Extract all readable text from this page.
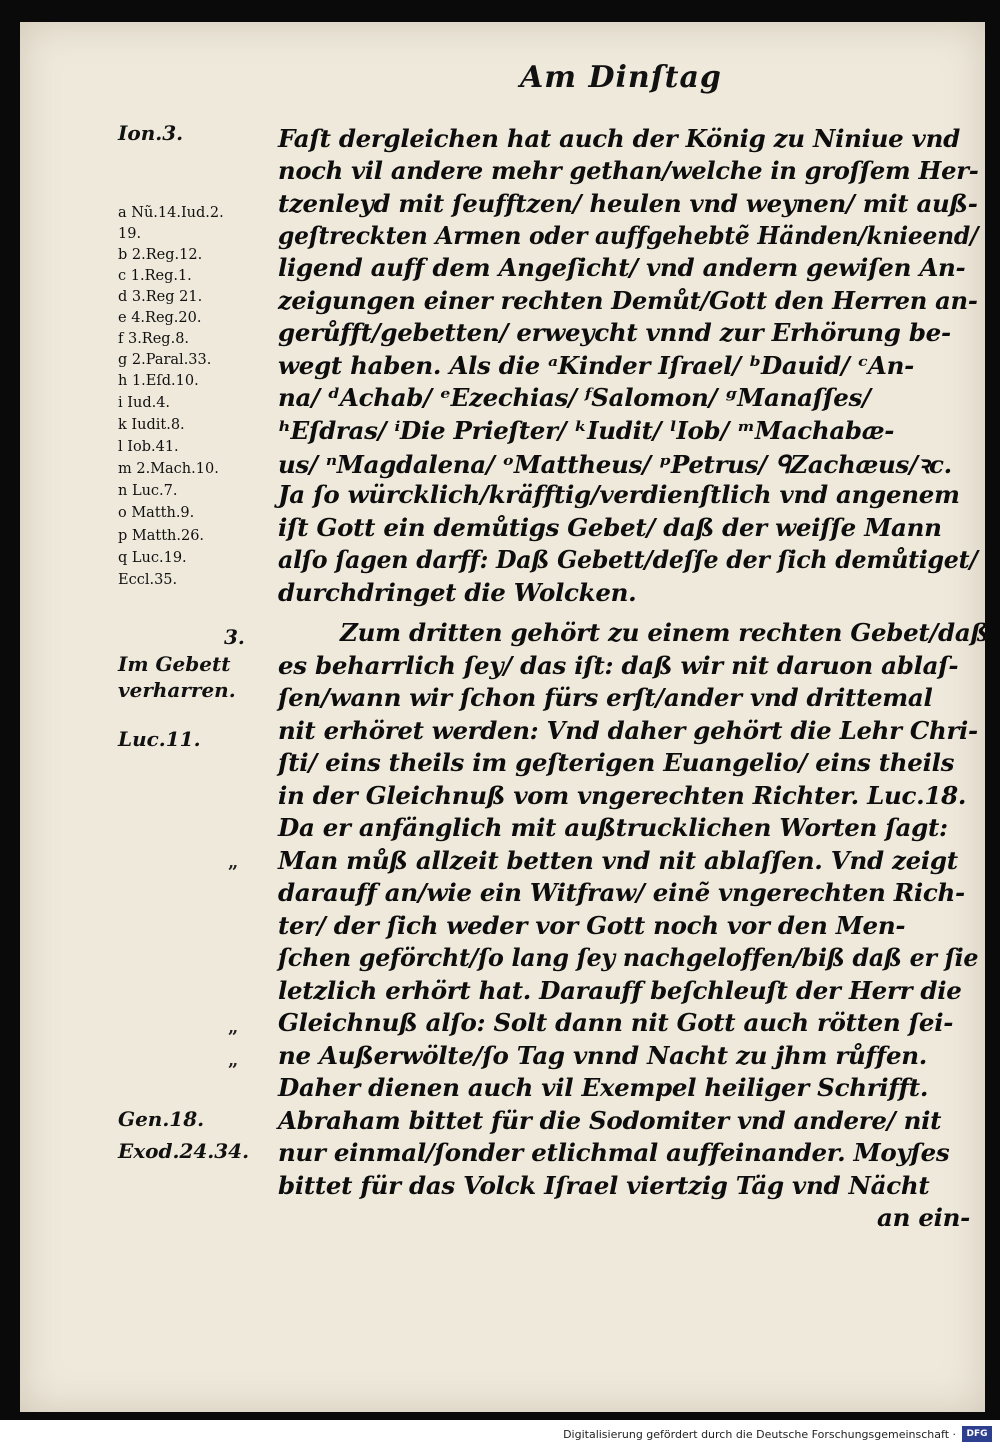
Am Dinſtag
Ion.3.
a Nũ.14.Iud.2.
19.
b 2.Reg.12.
c 1.Reg.1.
d 3.Reg 21.
e 4.Reg.20.
f 3.Reg.8.
g 2.Paral.33.
h 1.Eſd.10.
i Iud.4.
k Iudit.8.
l Iob.41.
m 2.Mach.10.
n Luc.7.
o Matth.9.
p Matth.26.
q Luc.19.
Eccl.35.
3.
Im Gebett
verharren.
Luc.11.
Gen.18.
Exod.24.34.
„
„
„
Faſt dergleichen hat auch der König zu Niniue vnd
noch vil andere mehr gethan/welche in groſſem Her-
tzenleyd mit ſeufftzen/ heulen vnd weynen/ mit auß-
geſtreckten Armen oder auffgehebtẽ Händen/knieend/
ligend auff dem Angeſicht/ vnd andern gewiſen An-
zeigungen einer rechten Demůt/Gott den Herren an-
gerůfft/gebetten/ erweycht vnnd zur Erhörung be-
wegt haben. Als die ᵃKinder Iſrael/ ᵇDauid/ ᶜAn-
na/ ᵈAchab/ ᵉEzechias/ ᶠSalomon/ ᵍManaſſes/
ʰEſdras/ ⁱDie Prieſter/ ᵏIudit/ ˡIob/ ᵐMachabæ-
us/ ⁿMagdalena/ ᵒMattheus/ ᵖPetrus/ ᑫZachæus/ꝛc.
Ja ſo würcklich/kräfftig/verdienſtlich vnd angenem
iſt Gott ein demůtigs Gebet/ daß der weiſſe Mann
alſo ſagen darff: Daß Gebett/deſſe der ſich demůtiget/
durchdringet die Wolcken.
Zum dritten gehört zu einem rechten Gebet/daß
es beharrlich ſey/ das iſt: daß wir nit daruon ablaſ-
ſen/wann wir ſchon fürs erſt/ander vnd drittemal
nit erhöret werden: Vnd daher gehört die Lehr Chri-
ſti/ eins theils im geſterigen Euangelio/ eins theils
in der Gleichnuß vom vngerechten Richter. Luc.18.
Da er anfänglich mit außtrucklichen Worten ſagt:
Man můß allzeit betten vnd nit ablaſſen. Vnd zeigt
darauff an/wie ein Witfraw/ einẽ vngerechten Rich-
ter/ der ſich weder vor Gott noch vor den Men-
ſchen geförcht/ſo lang ſey nachgeloffen/biß daß er ſie
letzlich erhört hat. Darauff beſchleuſt der Herr die
Gleichnuß alſo: Solt dann nit Gott auch rötten ſei-
ne Außerwölte/ſo Tag vnnd Nacht zu jhm růffen.
Daher dienen auch vil Exempel heiliger Schrifft.
Abraham bittet für die Sodomiter vnd andere/ nit
nur einmal/ſonder etlichmal auffeinander. Moyſes
bittet für das Volck Iſrael viertzig Täg vnd Nächt
an ein-
Digitalisierung gefördert durch die Deutsche Forschungsgemeinschaft ·	DFG
